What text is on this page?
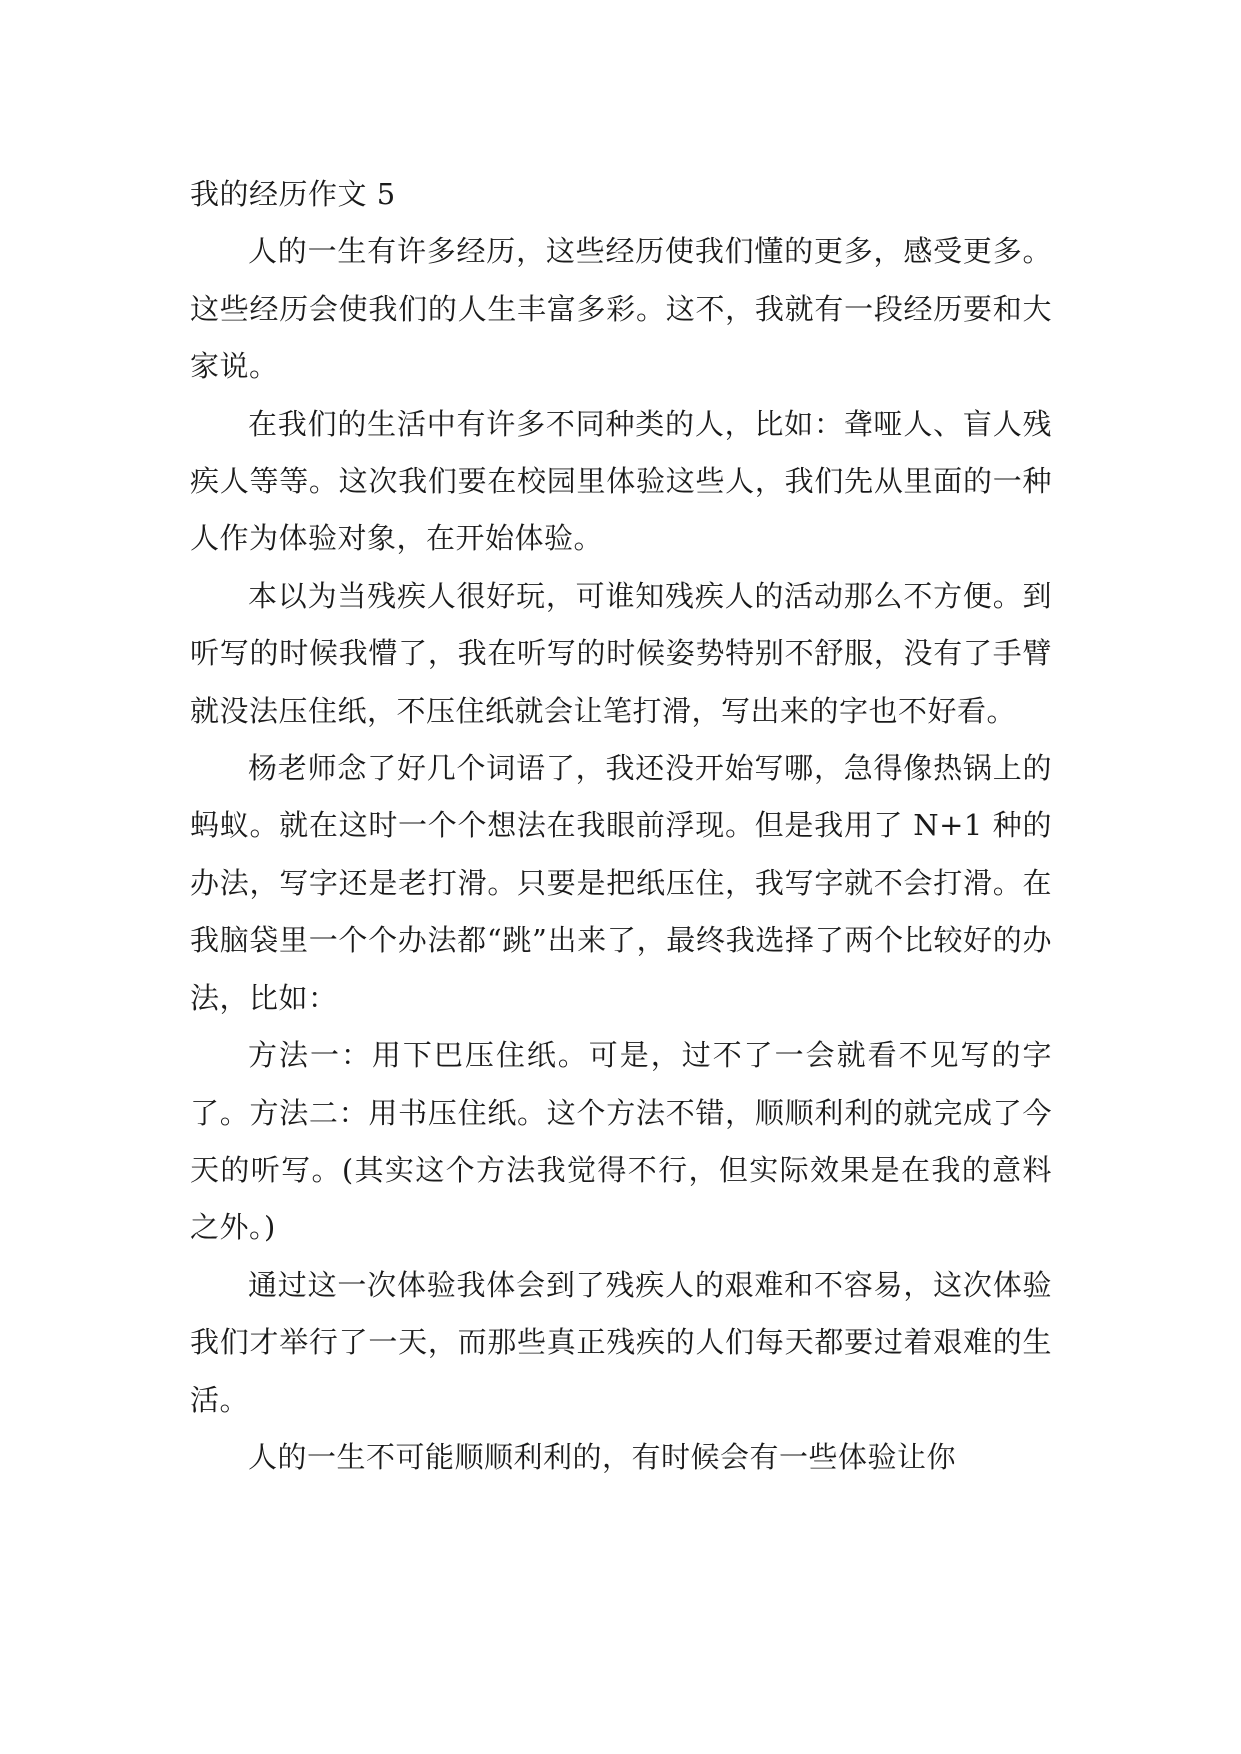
我的经历作文 5

人的一生有许多经历，这些经历使我们懂的更多，感受更多。这些经历会使我们的人生丰富多彩。这不，我就有一段经历要和大家说。

在我们的生活中有许多不同种类的人，比如：聋哑人、盲人残疾人等等。这次我们要在校园里体验这些人，我们先从里面的一种人作为体验对象，在开始体验。

本以为当残疾人很好玩，可谁知残疾人的活动那么不方便。到听写的时候我懵了，我在听写的时候姿势特别不舒服，没有了手臂就没法压住纸，不压住纸就会让笔打滑，写出来的字也不好看。

杨老师念了好几个词语了，我还没开始写哪，急得像热锅上的蚂蚁。就在这时一个个想法在我眼前浮现。但是我用了 N+1 种的办法，写字还是老打滑。只要是把纸压住，我写字就不会打滑。在我脑袋里一个个办法都“跳”出来了，最终我选择了两个比较好的办法，比如：

方法一：用下巴压住纸。可是，过不了一会就看不见写的字了。方法二：用书压住纸。这个方法不错，顺顺利利的就完成了今天的听写。(其实这个方法我觉得不行，但实际效果是在我的意料之外。)

通过这一次体验我体会到了残疾人的艰难和不容易，这次体验我们才举行了一天，而那些真正残疾的人们每天都要过着艰难的生活。

人的一生不可能顺顺利利的，有时候会有一些体验让你
